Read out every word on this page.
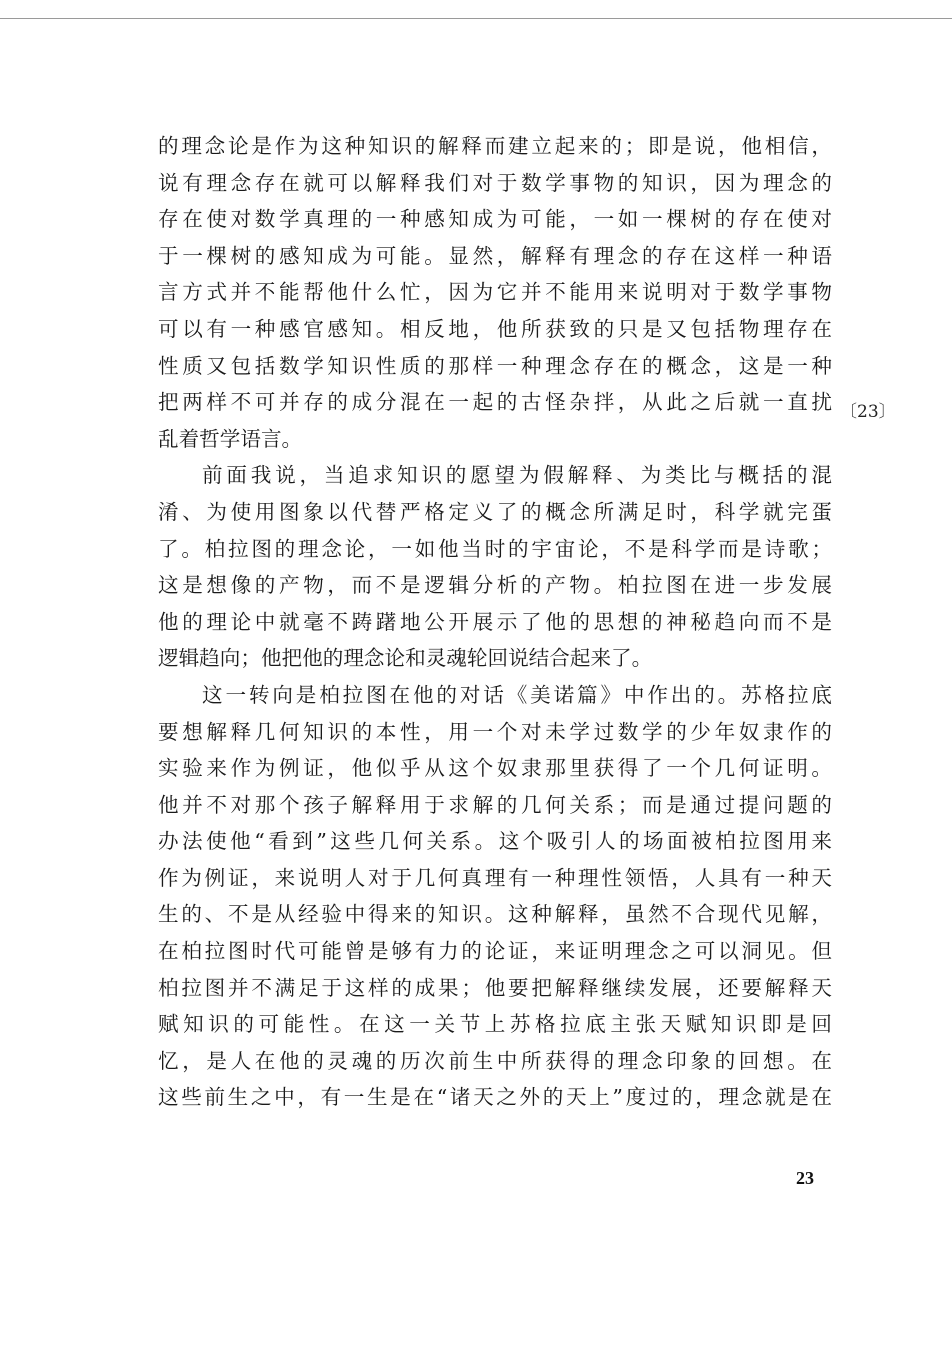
的理念论是作为这种知识的解释而建立起来的；即是说，他相信，
说有理念存在就可以解释我们对于数学事物的知识，因为理念的
存在使对数学真理的一种感知成为可能，一如一棵树的存在使对
于一棵树的感知成为可能。显然，解释有理念的存在这样一种语
言方式并不能帮他什么忙，因为它并不能用来说明对于数学事物
可以有一种感官感知。相反地，他所获致的只是又包括物理存在
性质又包括数学知识性质的那样一种理念存在的概念，这是一种
把两样不可并存的成分混在一起的古怪杂拌，从此之后就一直扰
乱着哲学语言。
前面我说，当追求知识的愿望为假解释、为类比与概括的混
淆、为使用图象以代替严格定义了的概念所满足时，科学就完蛋
了。柏拉图的理念论，一如他当时的宇宙论，不是科学而是诗歌；
这是想像的产物，而不是逻辑分析的产物。柏拉图在进一步发展
他的理论中就毫不踌躇地公开展示了他的思想的神秘趋向而不是
逻辑趋向；他把他的理念论和灵魂轮回说结合起来了。
这一转向是柏拉图在他的对话《美诺篇》中作出的。苏格拉底
要想解释几何知识的本性，用一个对未学过数学的少年奴隶作的
实验来作为例证，他似乎从这个奴隶那里获得了一个几何证明。
他并不对那个孩子解释用于求解的几何关系；而是通过提问题的
办法使他“看到”这些几何关系。这个吸引人的场面被柏拉图用来
作为例证，来说明人对于几何真理有一种理性领悟，人具有一种天
生的、不是从经验中得来的知识。这种解释，虽然不合现代见解，
在柏拉图时代可能曾是够有力的论证，来证明理念之可以洞见。但
柏拉图并不满足于这样的成果；他要把解释继续发展，还要解释天
赋知识的可能性。在这一关节上苏格拉底主张天赋知识即是回
忆，是人在他的灵魂的历次前生中所获得的理念印象的回想。在
这些前生之中，有一生是在“诸天之外的天上”度过的，理念就是在
〔23〕
23
